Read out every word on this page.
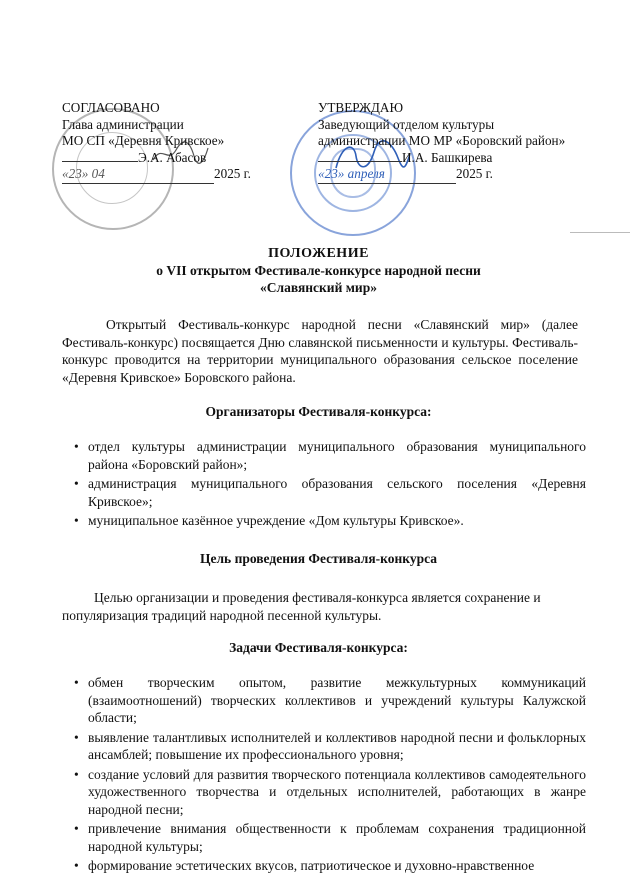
СОГЛАСОВАНО
Глава администрации
МО СП «Деревня Кривское»
Э.А. Абасов
«23» 04	2025 г.
УТВЕРЖДАЮ
Заведующий отделом культуры
администрации МО МР «Боровский район»
И.А. Башкирева
«23» апреля	2025 г.
ПОЛОЖЕНИЕ
о VII открытом Фестивале-конкурсе народной песни
«Славянский мир»
Открытый Фестиваль-конкурс народной песни «Славянский мир» (далее Фестиваль-конкурс) посвящается Дню славянской письменности и культуры. Фестиваль-конкурс проводится на территории муниципального образования сельское поселение «Деревня Кривское» Боровского района.
Организаторы Фестиваля-конкурса:
• отдел культуры администрации муниципального образования муниципального района «Боровский район»;
• администрация муниципального образования сельского поселения «Деревня Кривское»;
• муниципальное казённое учреждение «Дом культуры Кривское».
Цель проведения Фестиваля-конкурса
Целью организации и проведения фестиваля-конкурса является сохранение и популяризация традиций народной песенной культуры.
Задачи Фестиваля-конкурса:
• обмен творческим опытом, развитие межкультурных коммуникаций (взаимоотношений) творческих коллективов и учреждений культуры Калужской области;
• выявление талантливых исполнителей и коллективов народной песни и фольклорных ансамблей; повышение их профессионального уровня;
• создание условий для развития творческого потенциала коллективов самодеятельного художественного творчества и отдельных исполнителей, работающих в жанре народной песни;
• привлечение внимания общественности к проблемам сохранения традиционной народной культуры;
• формирование эстетических вкусов, патриотическое и духовно-нравственное
